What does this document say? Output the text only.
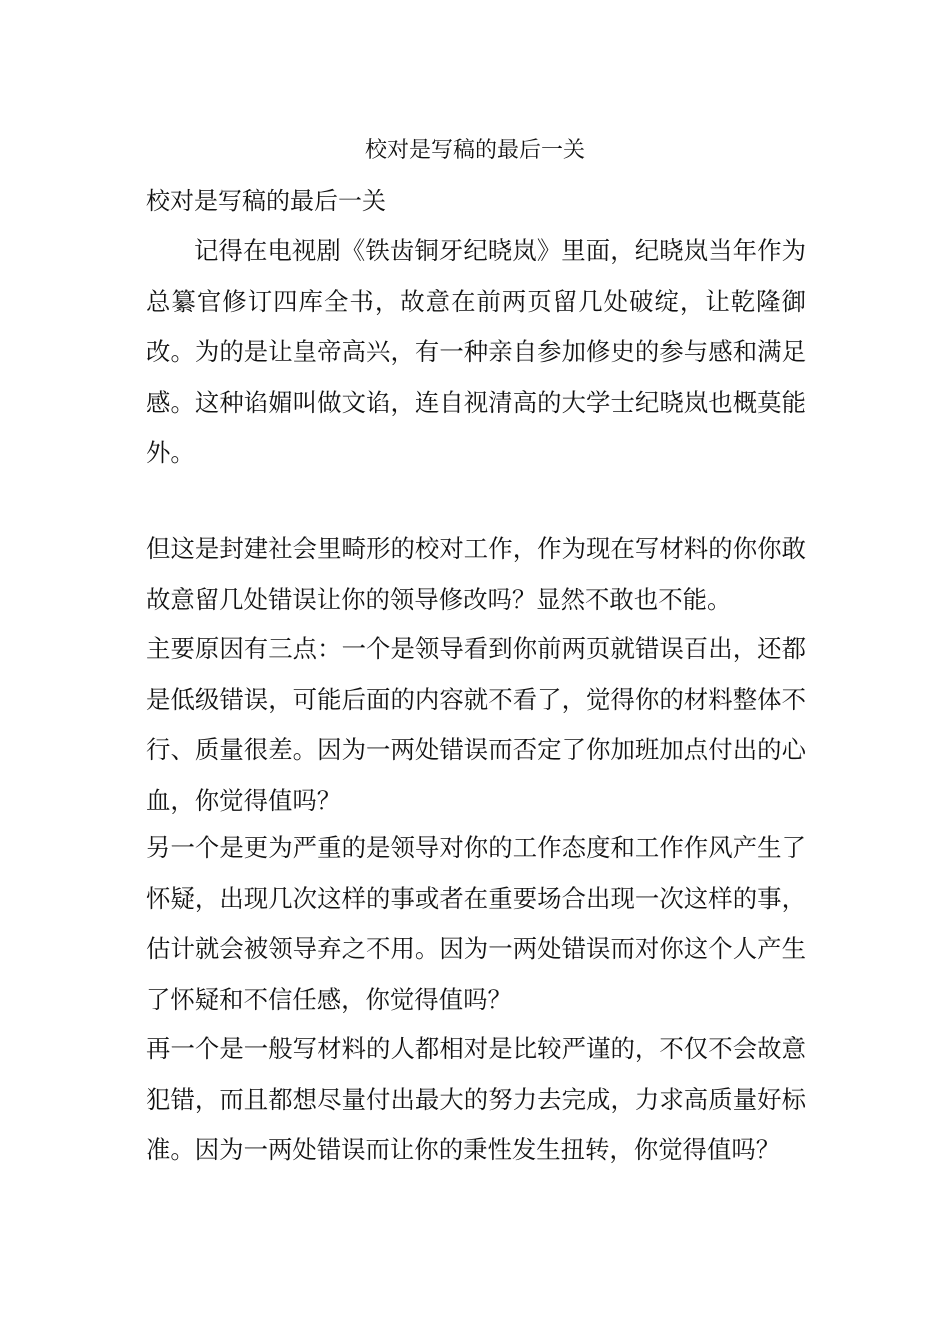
校对是写稿的最后一关
校对是写稿的最后一关

记得在电视剧《铁齿铜牙纪晓岚》里面，纪晓岚当年作为总纂官修订四库全书，故意在前两页留几处破绽，让乾隆御改。为的是让皇帝高兴，有一种亲自参加修史的参与感和满足感。这种谄媚叫做文谄，连自视清高的大学士纪晓岚也概莫能外。

但这是封建社会里畸形的校对工作，作为现在写材料的你你敢故意留几处错误让你的领导修改吗？显然不敢也不能。

主要原因有三点：一个是领导看到你前两页就错误百出，还都是低级错误，可能后面的内容就不看了，觉得你的材料整体不行、质量很差。因为一两处错误而否定了你加班加点付出的心血，你觉得值吗？

另一个是更为严重的是领导对你的工作态度和工作作风产生了怀疑，出现几次这样的事或者在重要场合出现一次这样的事，估计就会被领导弃之不用。因为一两处错误而对你这个人产生了怀疑和不信任感，你觉得值吗？

再一个是一般写材料的人都相对是比较严谨的，不仅不会故意犯错，而且都想尽量付出最大的努力去完成，力求高质量好标准。因为一两处错误而让你的秉性发生扭转，你觉得值吗？
